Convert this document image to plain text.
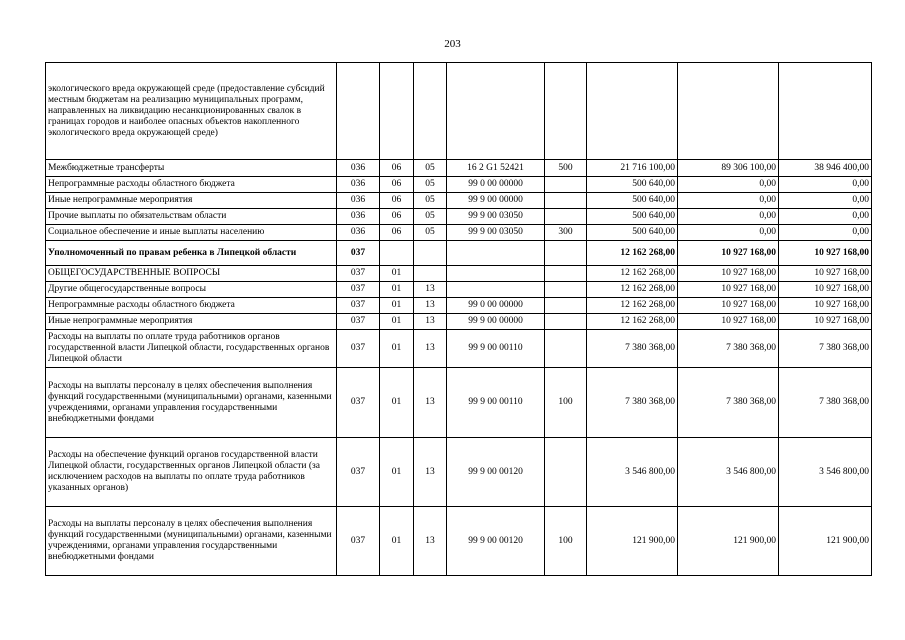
203
экологического вреда окружающей среде (предоставление субсидий местным бюджетам на реализацию муниципальных программ, направленных на ликвидацию несанкционированных свалок в границах городов и наиболее опасных объектов накопленного экологического вреда окружающей среде)								
Межбюджетные трансферты	036	06	05	16 2 G1 52421	500	21 716 100,00	89 306 100,00	38 946 400,00
Непрограммные расходы областного бюджета	036	06	05	99 0 00 00000		500 640,00	0,00	0,00
Иные непрограммные мероприятия	036	06	05	99 9 00 00000		500 640,00	0,00	0,00
Прочие выплаты по обязательствам области	036	06	05	99 9 00 03050		500 640,00	0,00	0,00
Социальное обеспечение и иные выплаты населению	036	06	05	99 9 00 03050	300	500 640,00	0,00	0,00
Уполномоченный по правам ребенка в Липецкой области	037					12 162 268,00	10 927 168,00	10 927 168,00
ОБЩЕГОСУДАРСТВЕННЫЕ ВОПРОСЫ	037	01				12 162 268,00	10 927 168,00	10 927 168,00
Другие общегосударственные вопросы	037	01	13			12 162 268,00	10 927 168,00	10 927 168,00
Непрограммные расходы областного бюджета	037	01	13	99 0 00 00000		12 162 268,00	10 927 168,00	10 927 168,00
Иные непрограммные мероприятия	037	01	13	99 9 00 00000		12 162 268,00	10 927 168,00	10 927 168,00
Расходы на выплаты по оплате труда работников органов государственной власти Липецкой области, государственных органов Липецкой области	037	01	13	99 9 00 00110		7 380 368,00	7 380 368,00	7 380 368,00
Расходы на выплаты персоналу в целях обеспечения выполнения функций государственными (муниципальными) органами, казенными учреждениями, органами управления государственными внебюджетными фондами	037	01	13	99 9 00 00110	100	7 380 368,00	7 380 368,00	7 380 368,00
Расходы на обеспечение функций органов государственной власти Липецкой области, государственных органов Липецкой области (за исключением расходов на выплаты по оплате труда работников указанных органов)	037	01	13	99 9 00 00120		3 546 800,00	3 546 800,00	3 546 800,00
Расходы на выплаты персоналу в целях обеспечения выполнения функций государственными (муниципальными) органами, казенными учреждениями, органами управления государственными внебюджетными фондами	037	01	13	99 9 00 00120	100	121 900,00	121 900,00	121 900,00
